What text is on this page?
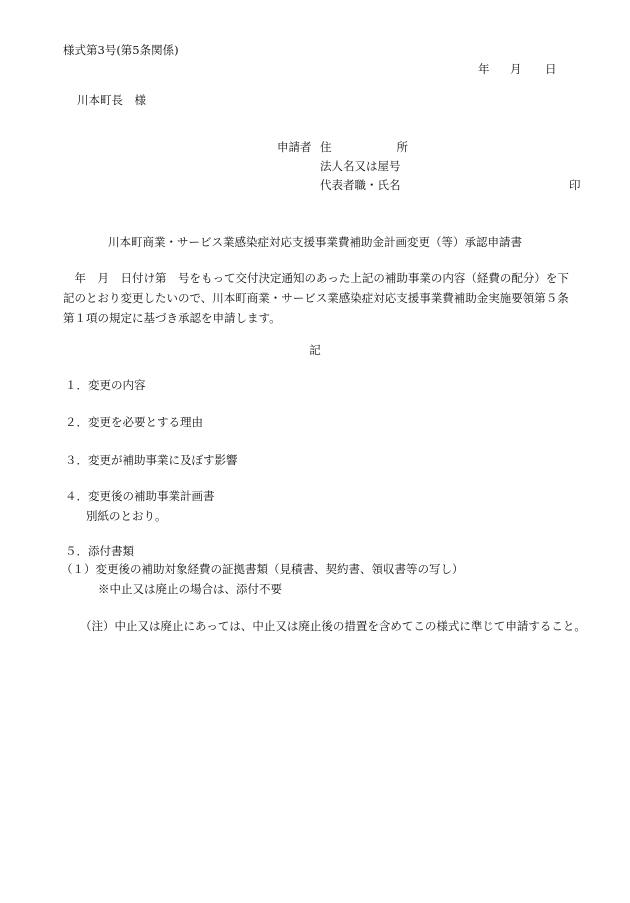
様式第3号(第5条関係)
年 月 日
川本町長　様
申請者 住	所
法人名又は屋号
代表者職・氏名	印
川本町商業・サービス業感染症対応支援事業費補助金計画変更（等）承認申請書
　年　月　日付け第　号をもって交付決定通知のあった上記の補助事業の内容（経費の配分）を下
記のとおり変更したいので、川本町商業・サービス業感染症対応支援事業費補助金実施要領第５条
第１項の規定に基づき承認を申請します。
記
１．変更の内容
２．変更を必要とする理由
３．変更が補助事業に及ぼす影響
４．変更後の補助事業計画書
別紙のとおり。
５．添付書類
（１）変更後の補助対象経費の証拠書類（見積書、契約書、領収書等の写し）
※中止又は廃止の場合は、添付不要
（注）中止又は廃止にあっては、中止又は廃止後の措置を含めてこの様式に準じて申請すること。
